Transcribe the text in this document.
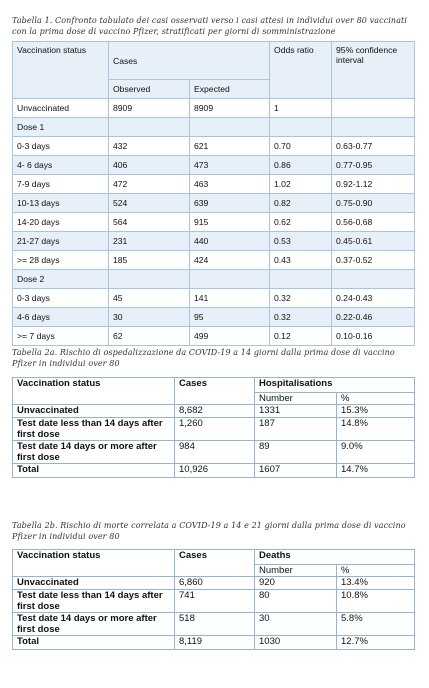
Tabella 1. Confronto tabulato dei casi osservati verso i casi attesi in individui over 80 vaccinati
con la prima dose di vaccino Pfizer, stratificati per giorni di somministrazione
Vaccination status	Cases		Odds ratio	95% confidence interval
	Observed	Expected		
Unvaccinated	8909	8909	1	
Dose 1				
0-3 days	432	621	0.70	0.63-0.77
4- 6 days	406	473	0.86	0.77-0.95
7-9 days	472	463	1.02	0.92-1.12
10-13 days	524	639	0.82	0.75-0.90
14-20 days	564	915	0.62	0.56-0.68
21-27 days	231	440	0.53	0.45-0.61
>= 28 days	185	424	0.43	0.37-0.52
Dose 2				
0-3 days	45	141	0.32	0.24-0.43
4-6 days	30	95	0.32	0.22-0.46
>= 7 days	62	499	0.12	0.10-0.16
Tabella 2a. Rischio di ospedalizzazione da COVID-19 a 14 giorni dalla prima dose di vaccino
Pfizer in individui over 80
Vaccination status	Cases	Hospitalisations	
		Number	%
Unvaccinated	8,682	1331	15.3%
Test date less than 14 days after first dose	1,260	187	14.8%
Test date 14 days or more after first dose	984	89	9.0%
Total	10,926	1607	14.7%
Tabella 2b. Rischio di morte correlata a COVID-19 a 14 e 21 giorni dalla prima dose di vaccino
Pfizer in individui over 80
Vaccination status	Cases	Deaths	
		Number	%
Unvaccinated	6,860	920	13.4%
Test date less than 14 days after first dose	741	80	10.8%
Test date 14 days or more after first dose	518	30	5.8%
Total	8,119	1030	12.7%
